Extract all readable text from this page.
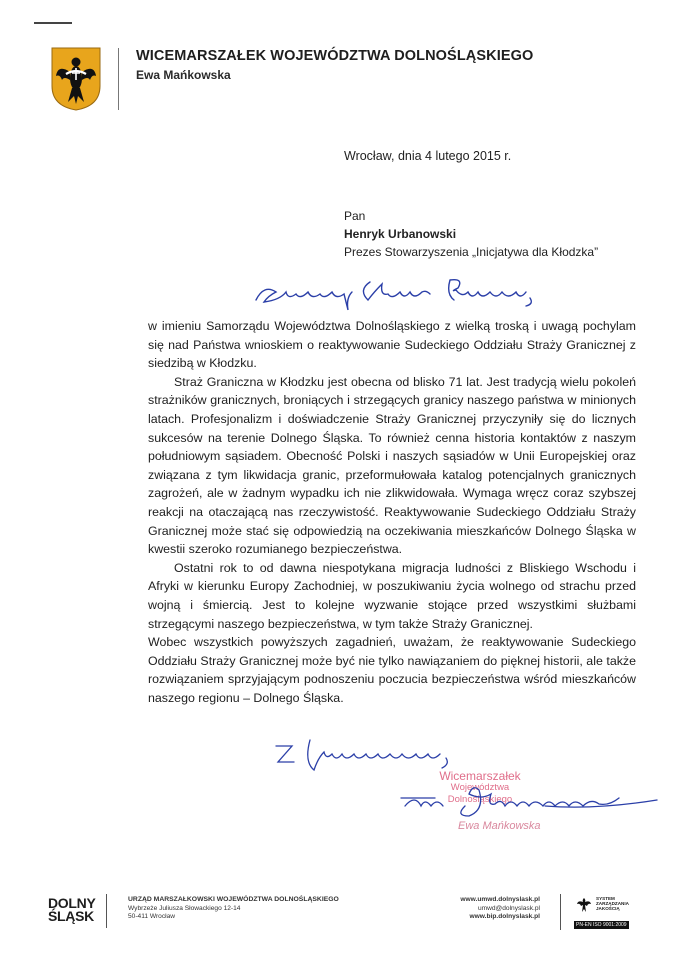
WICEMARSZAŁEK WOJEWÓDZTWA DOLNOŚLĄSKIEGO
Ewa Mańkowska
Wrocław, dnia 4 lutego 2015 r.
Pan
Henryk Urbanowski
Prezes Stowarzyszenia „Inicjatywa dla Kłodzka”

w imieniu Samorządu Województwa Dolnośląskiego z wielką troską i uwagą pochylam się nad Państwa wnioskiem o reaktywowanie Sudeckiego Oddziału Straży Granicznej z siedzibą w Kłodzku.

Straż Graniczna w Kłodzku jest obecna od blisko 71 lat. Jest tradycją wielu pokoleń strażników granicznych, broniących i strzegących granicy naszego państwa w minionych latach. Profesjonalizm i doświadczenie Straży Granicznej przyczyniły się do licznych sukcesów na terenie Dolnego Śląska. To również cenna historia kontaktów z naszym południowym sąsiadem. Obecność Polski i naszych sąsiadów w Unii Europejskiej oraz związana z tym likwidacja granic, przeformułowała katalog potencjalnych granicznych zagrożeń, ale w żadnym wypadku ich nie zlikwidowała. Wymaga wręcz coraz szybszej reakcji na otaczającą nas rzeczywistość. Reaktywowanie Sudeckiego Oddziału Straży Granicznej może stać się odpowiedzią na oczekiwania mieszkańców Dolnego Śląska w kwestii szeroko rozumianego bezpieczeństwa.

Ostatni rok to od dawna niespotykana migracja ludności z Bliskiego Wschodu i Afryki w kierunku Europy Zachodniej, w poszukiwaniu życia wolnego od strachu przed wojną i śmiercią. Jest to kolejne wyzwanie stojące przed wszystkimi służbami strzegącymi naszego bezpieczeństwa, w tym także Straży Granicznej.

Wobec wszystkich powyższych zagadnień, uważam, że reaktywowanie Sudeckiego Oddziału Straży Granicznej może być nie tylko nawiązaniem do pięknej historii, ale także rozwiązaniem sprzyjającym podnoszeniu poczucia bezpieczeństwa wśród mieszkańców naszego regionu – Dolnego Śląska.

Wicemarszałek
Województwa Dolnośląskiego
Ewa Mańkowska
DOLNY
ŚLĄSK
URZĄD MARSZAŁKOWSKI WOJEWÓDZTWA DOLNOŚLĄSKIEGO
Wybrzeże Juliusza Słowackiego 12-14
50-411 Wrocław
www.umwd.dolnyslask.pl
umwd@dolnyslask.pl
www.bip.dolnyslask.pl
SYSTEM
ZARZĄDZANIA
JAKOŚCIĄ
PN-EN ISO 9001:2009
